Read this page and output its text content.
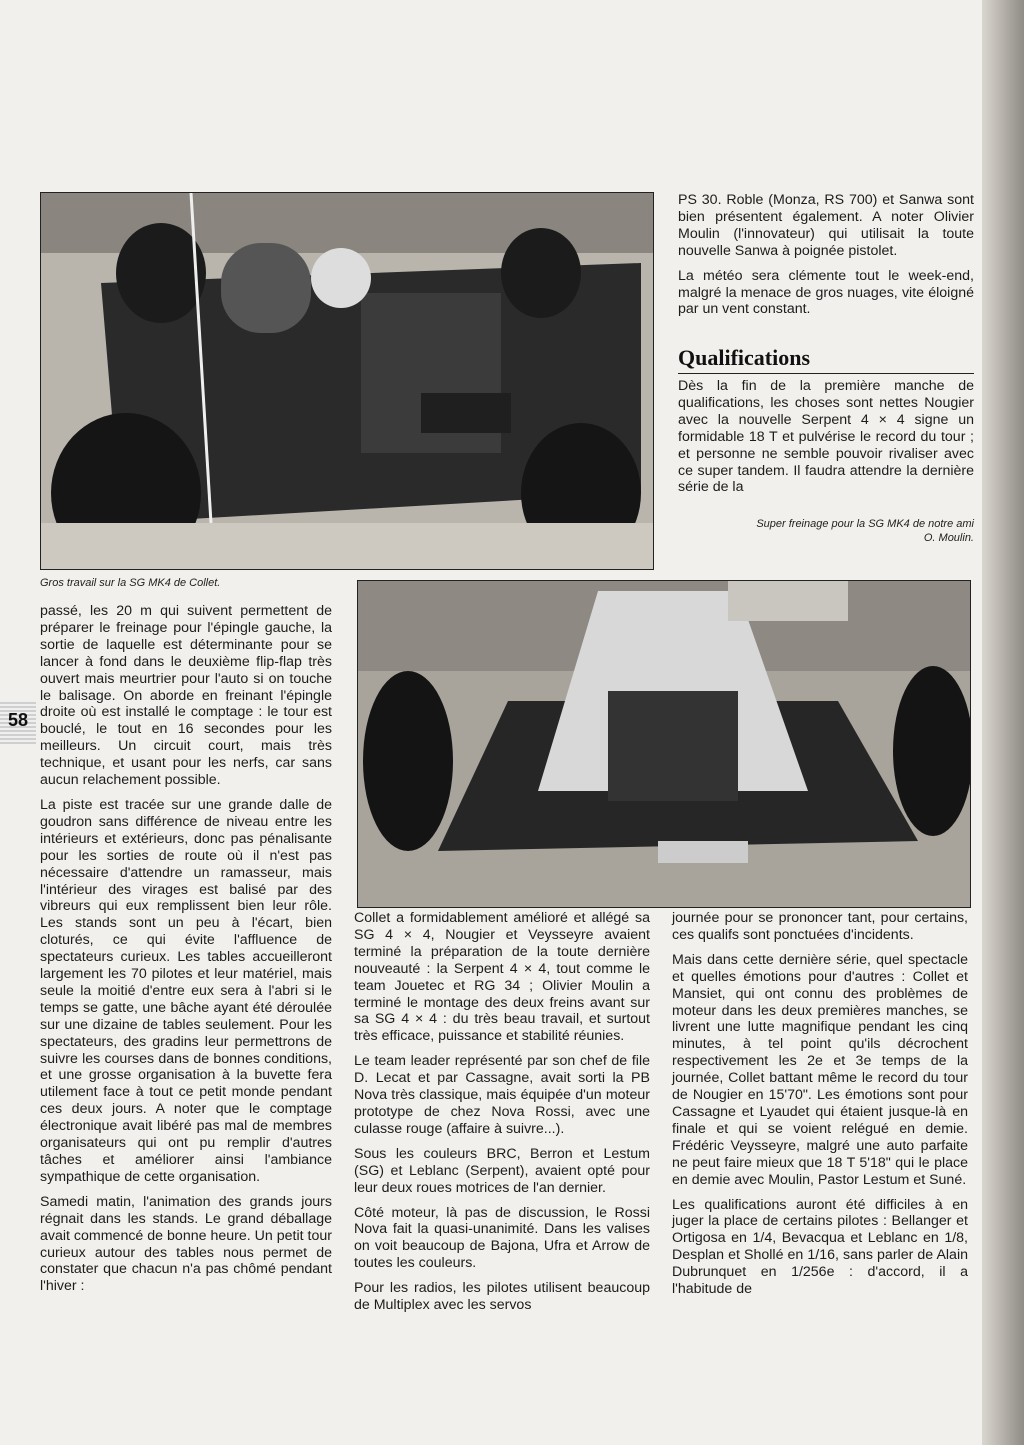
Gros travail sur la SG MK4 de Collet.
Super freinage pour la SG MK4 de notre ami
O. Moulin.

PS 30. Roble (Monza, RS 700) et Sanwa sont bien présentent également. A noter Olivier Moulin (l'innovateur) qui utilisait la toute nouvelle Sanwa à poignée pistolet.

La météo sera clémente tout le week-end, malgré la menace de gros nuages, vite éloigné par un vent constant.

Qualifications

Dès la fin de la première manche de qualifications, les choses sont nettes Nougier avec la nouvelle Serpent 4 × 4 signe un formidable 18 T et pulvérise le record du tour ; et personne ne semble pouvoir rivaliser avec ce super tandem. Il faudra attendre la dernière série de la

passé, les 20 m qui suivent permettent de préparer le freinage pour l'épingle gauche, la sortie de laquelle est déterminante pour se lancer à fond dans le deuxième flip-flap très ouvert mais meurtrier pour l'auto si on touche le balisage. On aborde en freinant l'épingle droite où est installé le comptage : le tour est bouclé, le tout en 16 secondes pour les meilleurs. Un circuit court, mais très technique, et usant pour les nerfs, car sans aucun relachement possible.

La piste est tracée sur une grande dalle de goudron sans différence de niveau entre les intérieurs et extérieurs, donc pas pénalisante pour les sorties de route où il n'est pas nécessaire d'attendre un ramasseur, mais l'intérieur des virages est balisé par des vibreurs qui eux remplissent bien leur rôle. Les stands sont un peu à l'écart, bien cloturés, ce qui évite l'affluence de spectateurs curieux. Les tables accueilleront largement les 70 pilotes et leur matériel, mais seule la moitié d'entre eux sera à l'abri si le temps se gatte, une bâche ayant été déroulée sur une dizaine de tables seulement. Pour les spectateurs, des gradins leur permettrons de suivre les courses dans de bonnes conditions, et une grosse organisation à la buvette fera utilement face à tout ce petit monde pendant ces deux jours. A noter que le comptage électronique avait libéré pas mal de membres organisateurs qui ont pu remplir d'autres tâches et améliorer ainsi l'ambiance sympathique de cette organisation.

Samedi matin, l'animation des grands jours régnait dans les stands. Le grand déballage avait commencé de bonne heure. Un petit tour curieux autour des tables nous permet de constater que chacun n'a pas chômé pendant l'hiver :

Collet a formidablement amélioré et allégé sa SG 4 × 4, Nougier et Veysseyre avaient terminé la préparation de la toute dernière nouveauté : la Serpent 4 × 4, tout comme le team Jouetec et RG 34 ; Olivier Moulin a terminé le montage des deux freins avant sur sa SG 4 × 4 : du très beau travail, et surtout très efficace, puissance et stabilité réunies.

Le team leader représenté par son chef de file D. Lecat et par Cassagne, avait sorti la PB Nova très classique, mais équipée d'un moteur prototype de chez Nova Rossi, avec une culasse rouge (affaire à suivre...).

Sous les couleurs BRC, Berron et Lestum (SG) et Leblanc (Serpent), avaient opté pour leur deux roues motrices de l'an dernier.

Côté moteur, là pas de discussion, le Rossi Nova fait la quasi-unanimité. Dans les valises on voit beaucoup de Bajona, Ufra et Arrow de toutes les couleurs.

Pour les radios, les pilotes utilisent beaucoup de Multiplex avec les servos

journée pour se prononcer tant, pour certains, ces qualifs sont ponctuées d'incidents.

Mais dans cette dernière série, quel spectacle et quelles émotions pour d'autres : Collet et Mansiet, qui ont connu des problèmes de moteur dans les deux premières manches, se livrent une lutte magnifique pendant les cinq minutes, à tel point qu'ils décrochent respectivement les 2e et 3e temps de la journée, Collet battant même le record du tour de Nougier en 15'70". Les émotions sont pour Cassagne et Lyaudet qui étaient jusque-là en finale et qui se voient relégué en demie. Frédéric Veysseyre, malgré une auto parfaite ne peut faire mieux que 18 T 5'18" qui le place en demie avec Moulin, Pastor Lestum et Suné.

Les qualifications auront été difficiles à en juger la place de certains pilotes : Bellanger et Ortigosa en 1/4, Bevacqua et Leblanc en 1/8, Desplan et Shollé en 1/16, sans parler de Alain Dubrunquet en 1/256e : d'accord, il a l'habitude de

58
